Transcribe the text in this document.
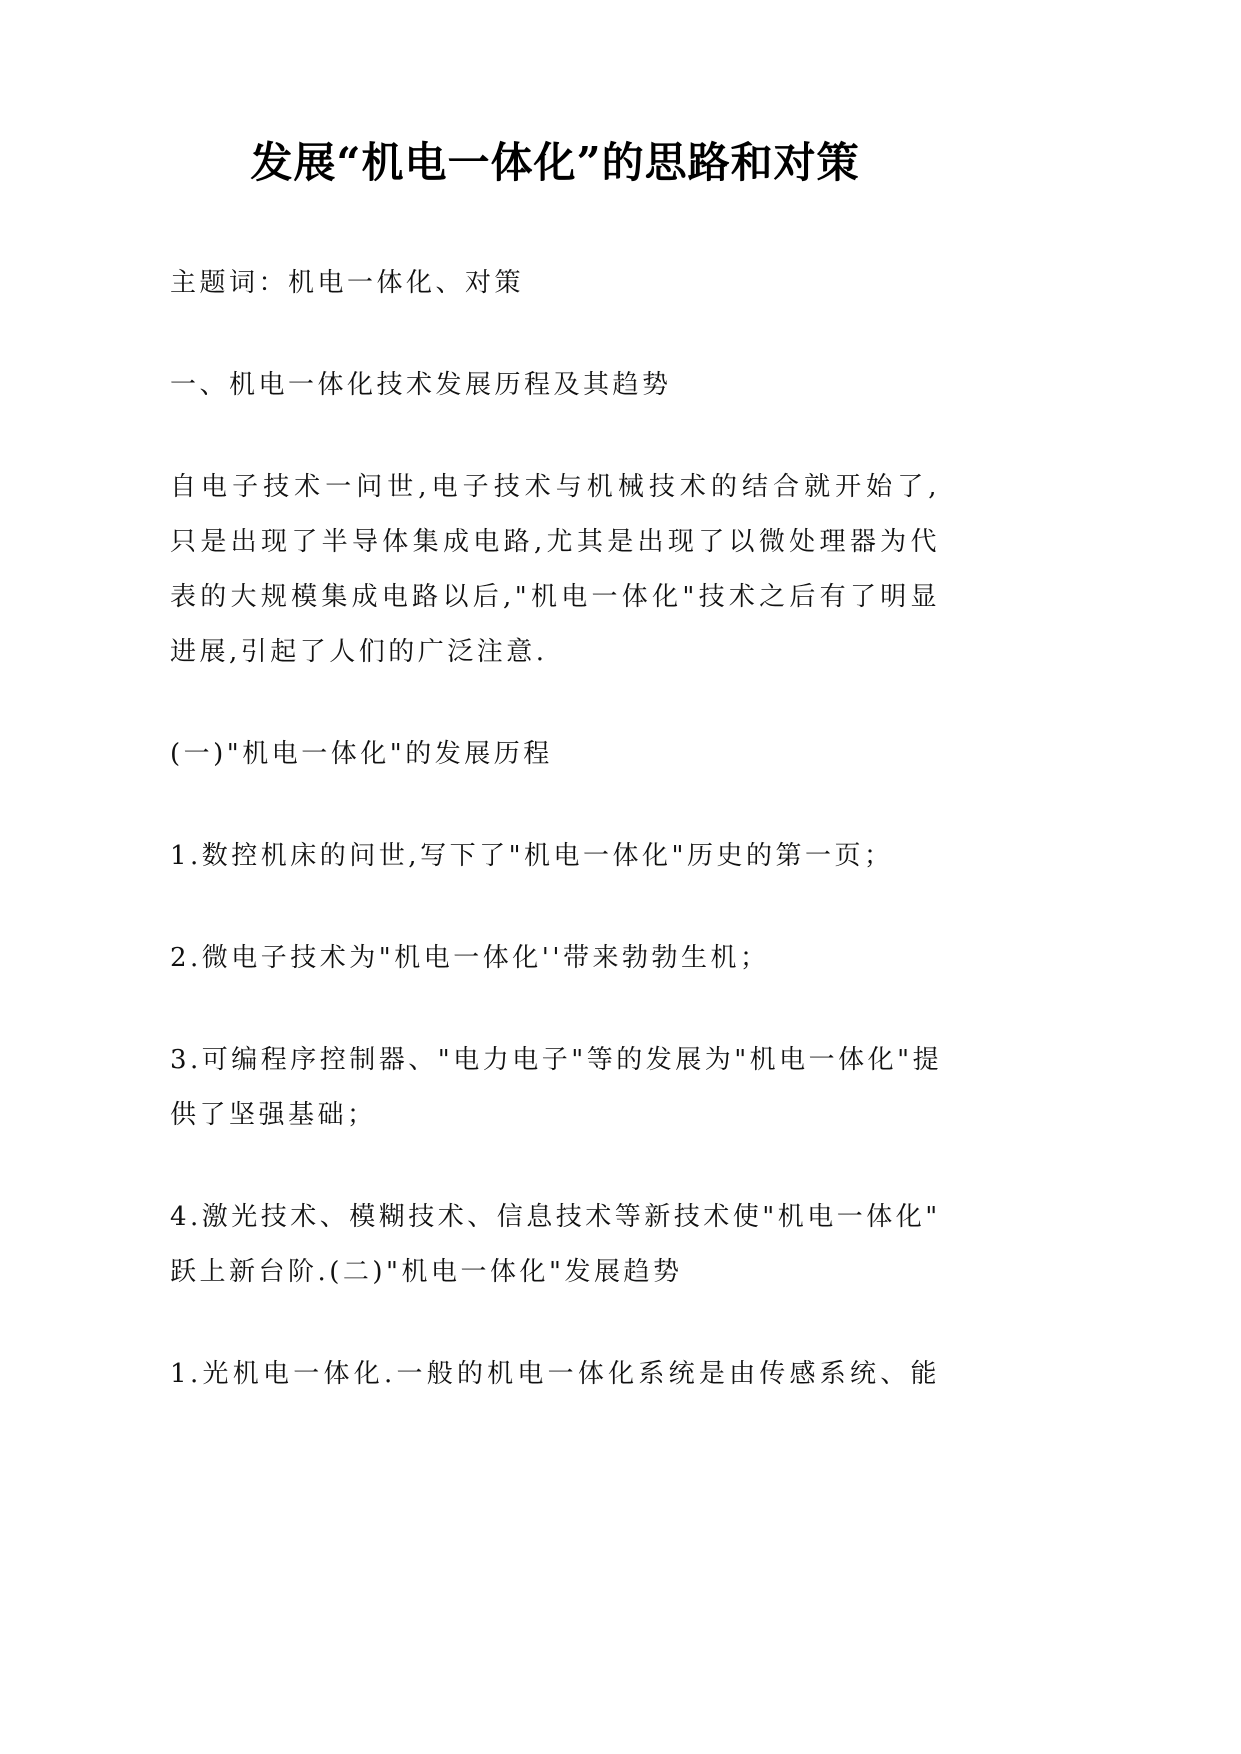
发展“机电一体化”的思路和对策
主题词：机电一体化、对策
一、机电一体化技术发展历程及其趋势
自电子技术一问世,电子技术与机械技术的结合就开始了,
只是出现了半导体集成电路,尤其是出现了以微处理器为代
表的大规模集成电路以后,"机电一体化"技术之后有了明显
进展,引起了人们的广泛注意.
(一)"机电一体化"的发展历程
1.数控机床的问世,写下了"机电一体化"历史的第一页；
2.微电子技术为"机电一体化''带来勃勃生机；
3.可编程序控制器、"电力电子"等的发展为"机电一体化"提
供了坚强基础；
4.激光技术、模糊技术、信息技术等新技术使"机电一体化"
跃上新台阶.(二)"机电一体化"发展趋势
1.光机电一体化.一般的机电一体化系统是由传感系统、能
